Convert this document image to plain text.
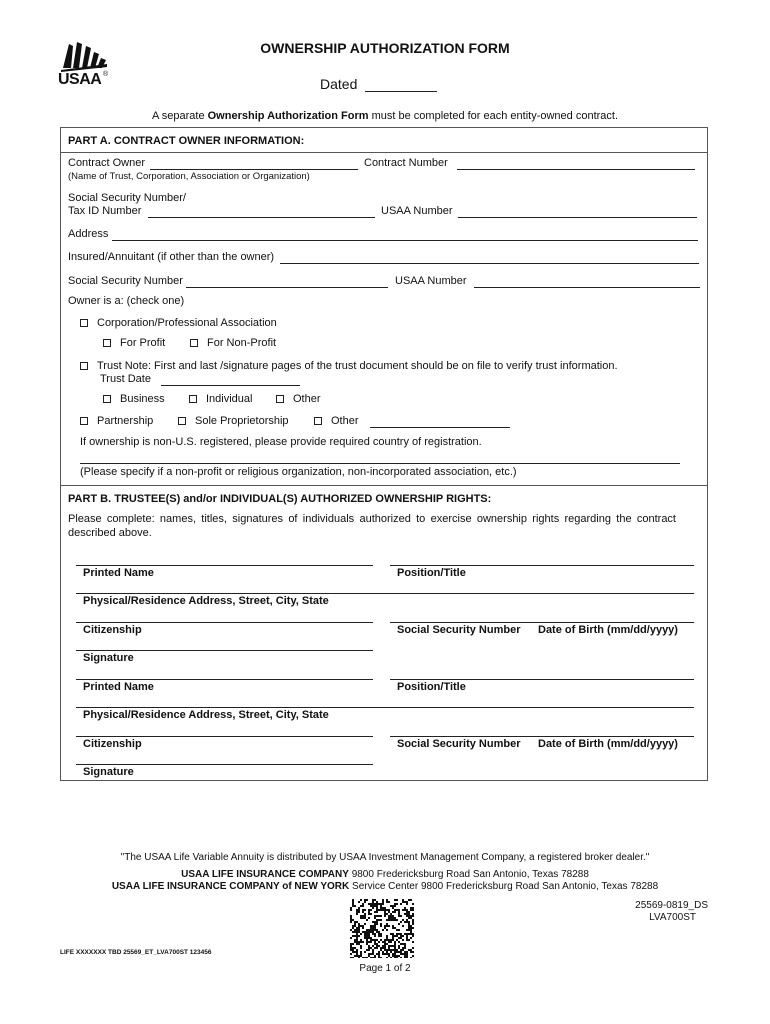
USAA ®
OWNERSHIP AUTHORIZATION FORM
Dated
A separate Ownership Authorization Form must be completed for each entity-owned contract.
PART A. CONTRACT OWNER INFORMATION:
Contract Owner	Contract Number
(Name of Trust, Corporation, Association or Organization)
Social Security Number/
Tax ID Number	USAA Number
Address
Insured/Annuitant (if other than the owner)
Social Security Number	USAA Number
Owner is a: (check one)
Corporation/Professional Association
For Profit	For Non-Profit
Trust Note: First and last /signature pages of the trust document should be on file to verify trust information.
Trust Date
Business	Individual	Other
Partnership	Sole Proprietorship	Other
If ownership is non-U.S. registered, please provide required country of registration.
(Please specify if a non-profit or religious organization, non-incorporated association, etc.)
PART B. TRUSTEE(S) and/or INDIVIDUAL(S) AUTHORIZED OWNERSHIP RIGHTS:
Please complete: names, titles, signatures of individuals authorized to exercise ownership rights regarding the contract described above.
Printed Name	Position/Title
Physical/Residence Address, Street, City, State
Citizenship	Social Security Number Date of Birth (mm/dd/yyyy)
Signature
Printed Name	Position/Title
Physical/Residence Address, Street, City, State
Citizenship	Social Security Number Date of Birth (mm/dd/yyyy)
Signature
"The USAA Life Variable Annuity is distributed by USAA Investment Management Company, a registered broker dealer."
USAA LIFE INSURANCE COMPANY 9800 Fredericksburg Road San Antonio, Texas 78288
USAA LIFE INSURANCE COMPANY of NEW YORK Service Center 9800 Fredericksburg Road San Antonio, Texas 78288
25569-0819_DS
LVA700ST
LIFE XXXXXXX TBD 25569_ET_LVA700ST 123456
Page 1 of 2
